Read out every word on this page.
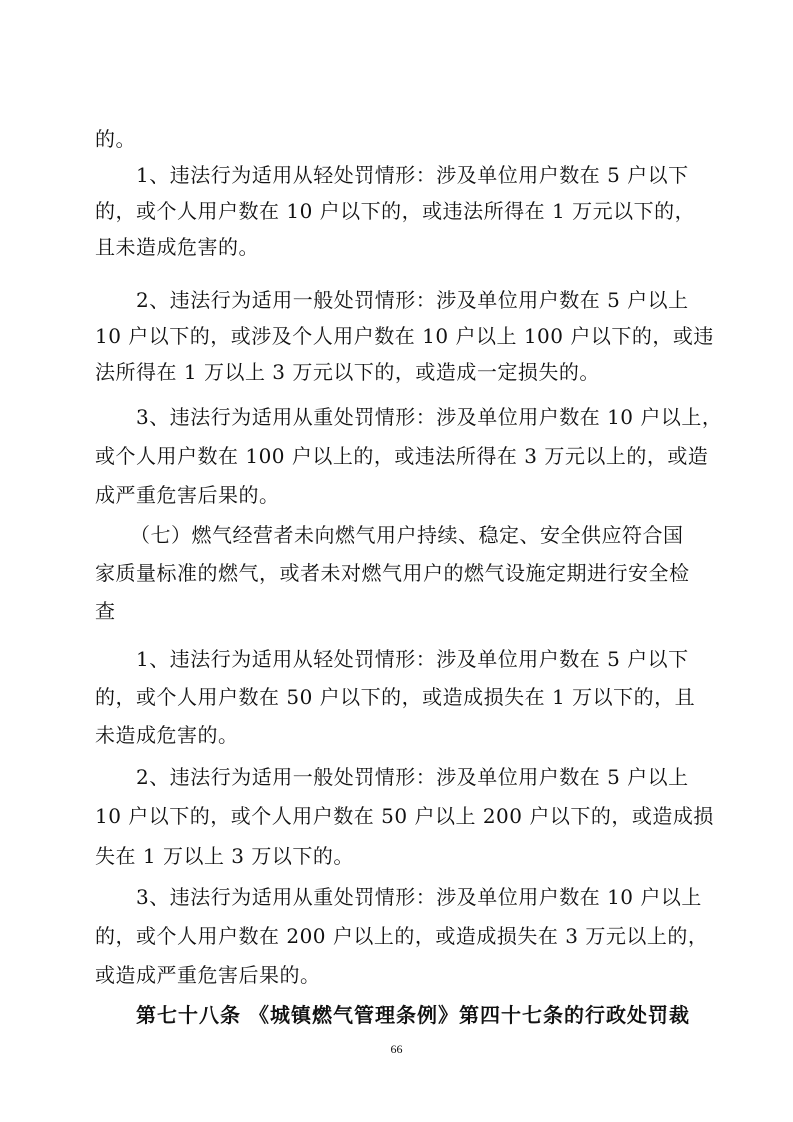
的。
1、违法行为适用从轻处罚情形：涉及单位用户数在 5 户以下
的，或个人用户数在 10 户以下的，或违法所得在 1 万元以下的，
且未造成危害的。
2、违法行为适用一般处罚情形：涉及单位用户数在 5 户以上
10 户以下的，或涉及个人用户数在 10 户以上 100 户以下的，或违
法所得在 1 万以上 3 万元以下的，或造成一定损失的。
3、违法行为适用从重处罚情形：涉及单位用户数在 10 户以上，
或个人用户数在 100 户以上的，或违法所得在 3 万元以上的，或造
成严重危害后果的。
（七）燃气经营者未向燃气用户持续、稳定、安全供应符合国
家质量标准的燃气，或者未对燃气用户的燃气设施定期进行安全检
查
1、违法行为适用从轻处罚情形：涉及单位用户数在 5 户以下
的，或个人用户数在 50 户以下的，或造成损失在 1 万以下的，且
未造成危害的。
2、违法行为适用一般处罚情形：涉及单位用户数在 5 户以上
10 户以下的，或个人用户数在 50 户以上 200 户以下的，或造成损
失在 1 万以上 3 万以下的。
3、违法行为适用从重处罚情形：涉及单位用户数在 10 户以上
的，或个人用户数在 200 户以上的，或造成损失在 3 万元以上的，
或造成严重危害后果的。
第七十八条 《城镇燃气管理条例》第四十七条的行政处罚裁
66
